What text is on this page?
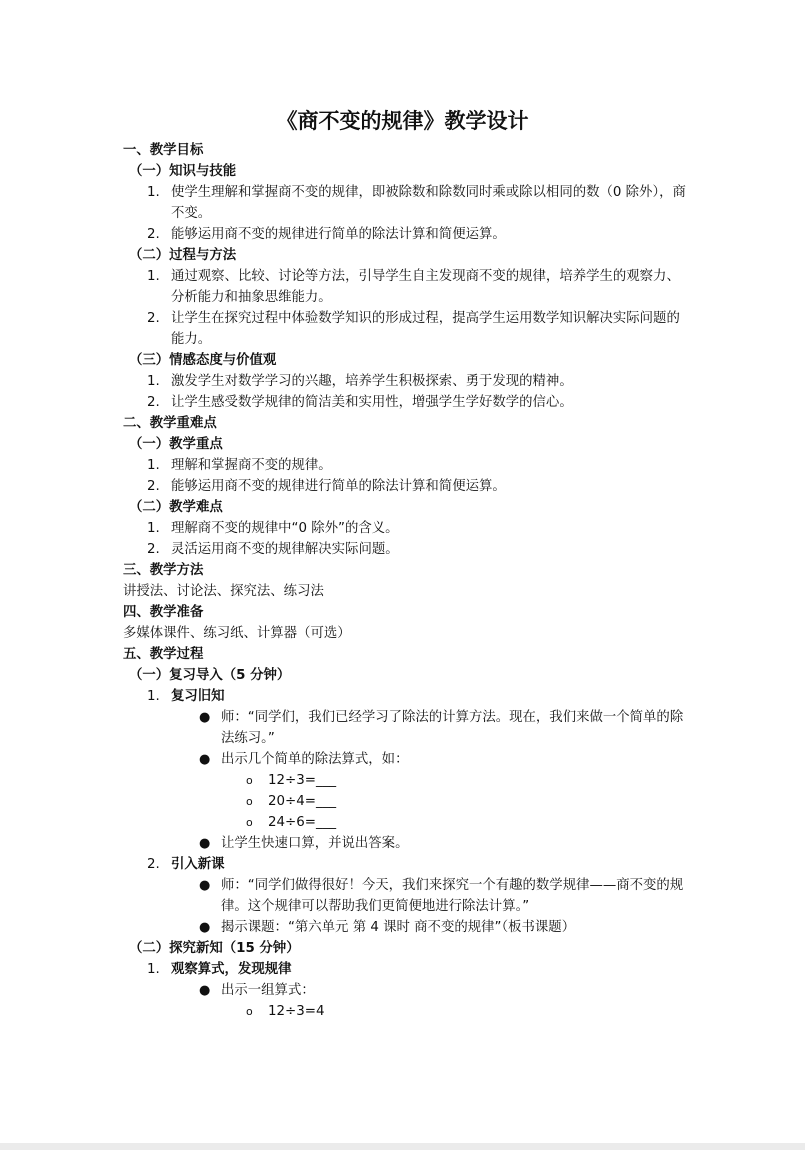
《商不变的规律》教学设计
一、教学目标
（一）知识与技能
1. 使学生理解和掌握商不变的规律，即被除数和除数同时乘或除以相同的数（0 除外），商不变。
2. 能够运用商不变的规律进行简单的除法计算和简便运算。
（二）过程与方法
1. 通过观察、比较、讨论等方法，引导学生自主发现商不变的规律，培养学生的观察力、分析能力和抽象思维能力。
2. 让学生在探究过程中体验数学知识的形成过程，提高学生运用数学知识解决实际问题的能力。
（三）情感态度与价值观
1. 激发学生对数学学习的兴趣，培养学生积极探索、勇于发现的精神。
2. 让学生感受数学规律的简洁美和实用性，增强学生学好数学的信心。
二、教学重难点
（一）教学重点
1. 理解和掌握商不变的规律。
2. 能够运用商不变的规律进行简单的除法计算和简便运算。
（二）教学难点
1. 理解商不变的规律中“0 除外”的含义。
2. 灵活运用商不变的规律解决实际问题。
三、教学方法
讲授法、讨论法、探究法、练习法
四、教学准备
多媒体课件、练习纸、计算器（可选）
五、教学过程
（一）复习导入（5 分钟）
1. 复习旧知
● 师：“同学们，我们已经学习了除法的计算方法。现在，我们来做一个简单的除法练习。”
● 出示几个简单的除法算式，如：
o 12÷3=___
o 20÷4=___
o 24÷6=___
● 让学生快速口算，并说出答案。
2. 引入新课
● 师：“同学们做得很好！今天，我们来探究一个有趣的数学规律——商不变的规律。这个规律可以帮助我们更简便地进行除法计算。”
● 揭示课题：“第六单元 第 4 课时 商不变的规律”（板书课题）
（二）探究新知（15 分钟）
1. 观察算式，发现规律
● 出示一组算式：
o 12÷3=4
